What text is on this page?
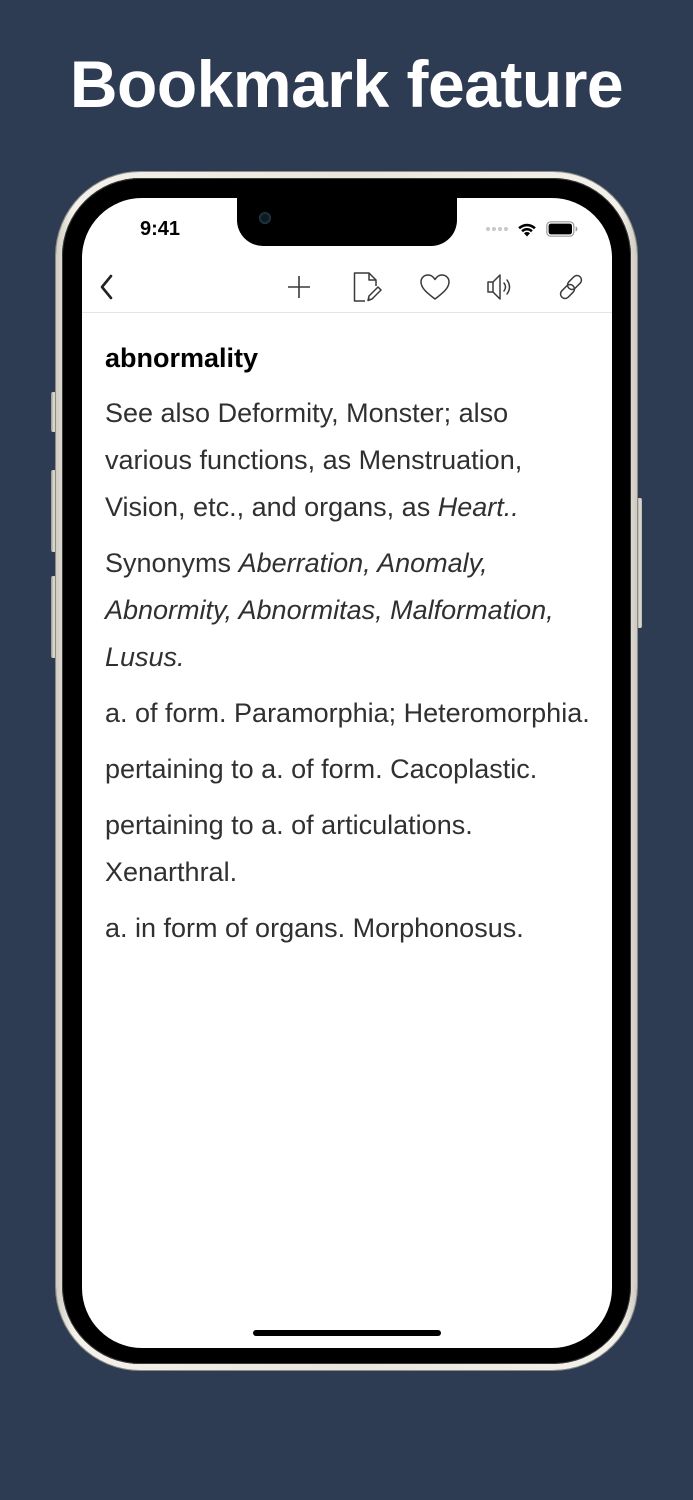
Bookmark feature
9:41
abnormality

See also Deformity, Monster; also various functions, as Menstruation, Vision, etc., and organs, as Heart..

Synonyms Aberration, Anomaly, Abnormity, Abnormitas, Malformation, Lusus.

a. of form. Paramorphia; Heteromorphia.

pertaining to a. of form. Cacoplastic.

pertaining to a. of articulations. Xenarthral.

a. in form of organs. Morphonosus.
